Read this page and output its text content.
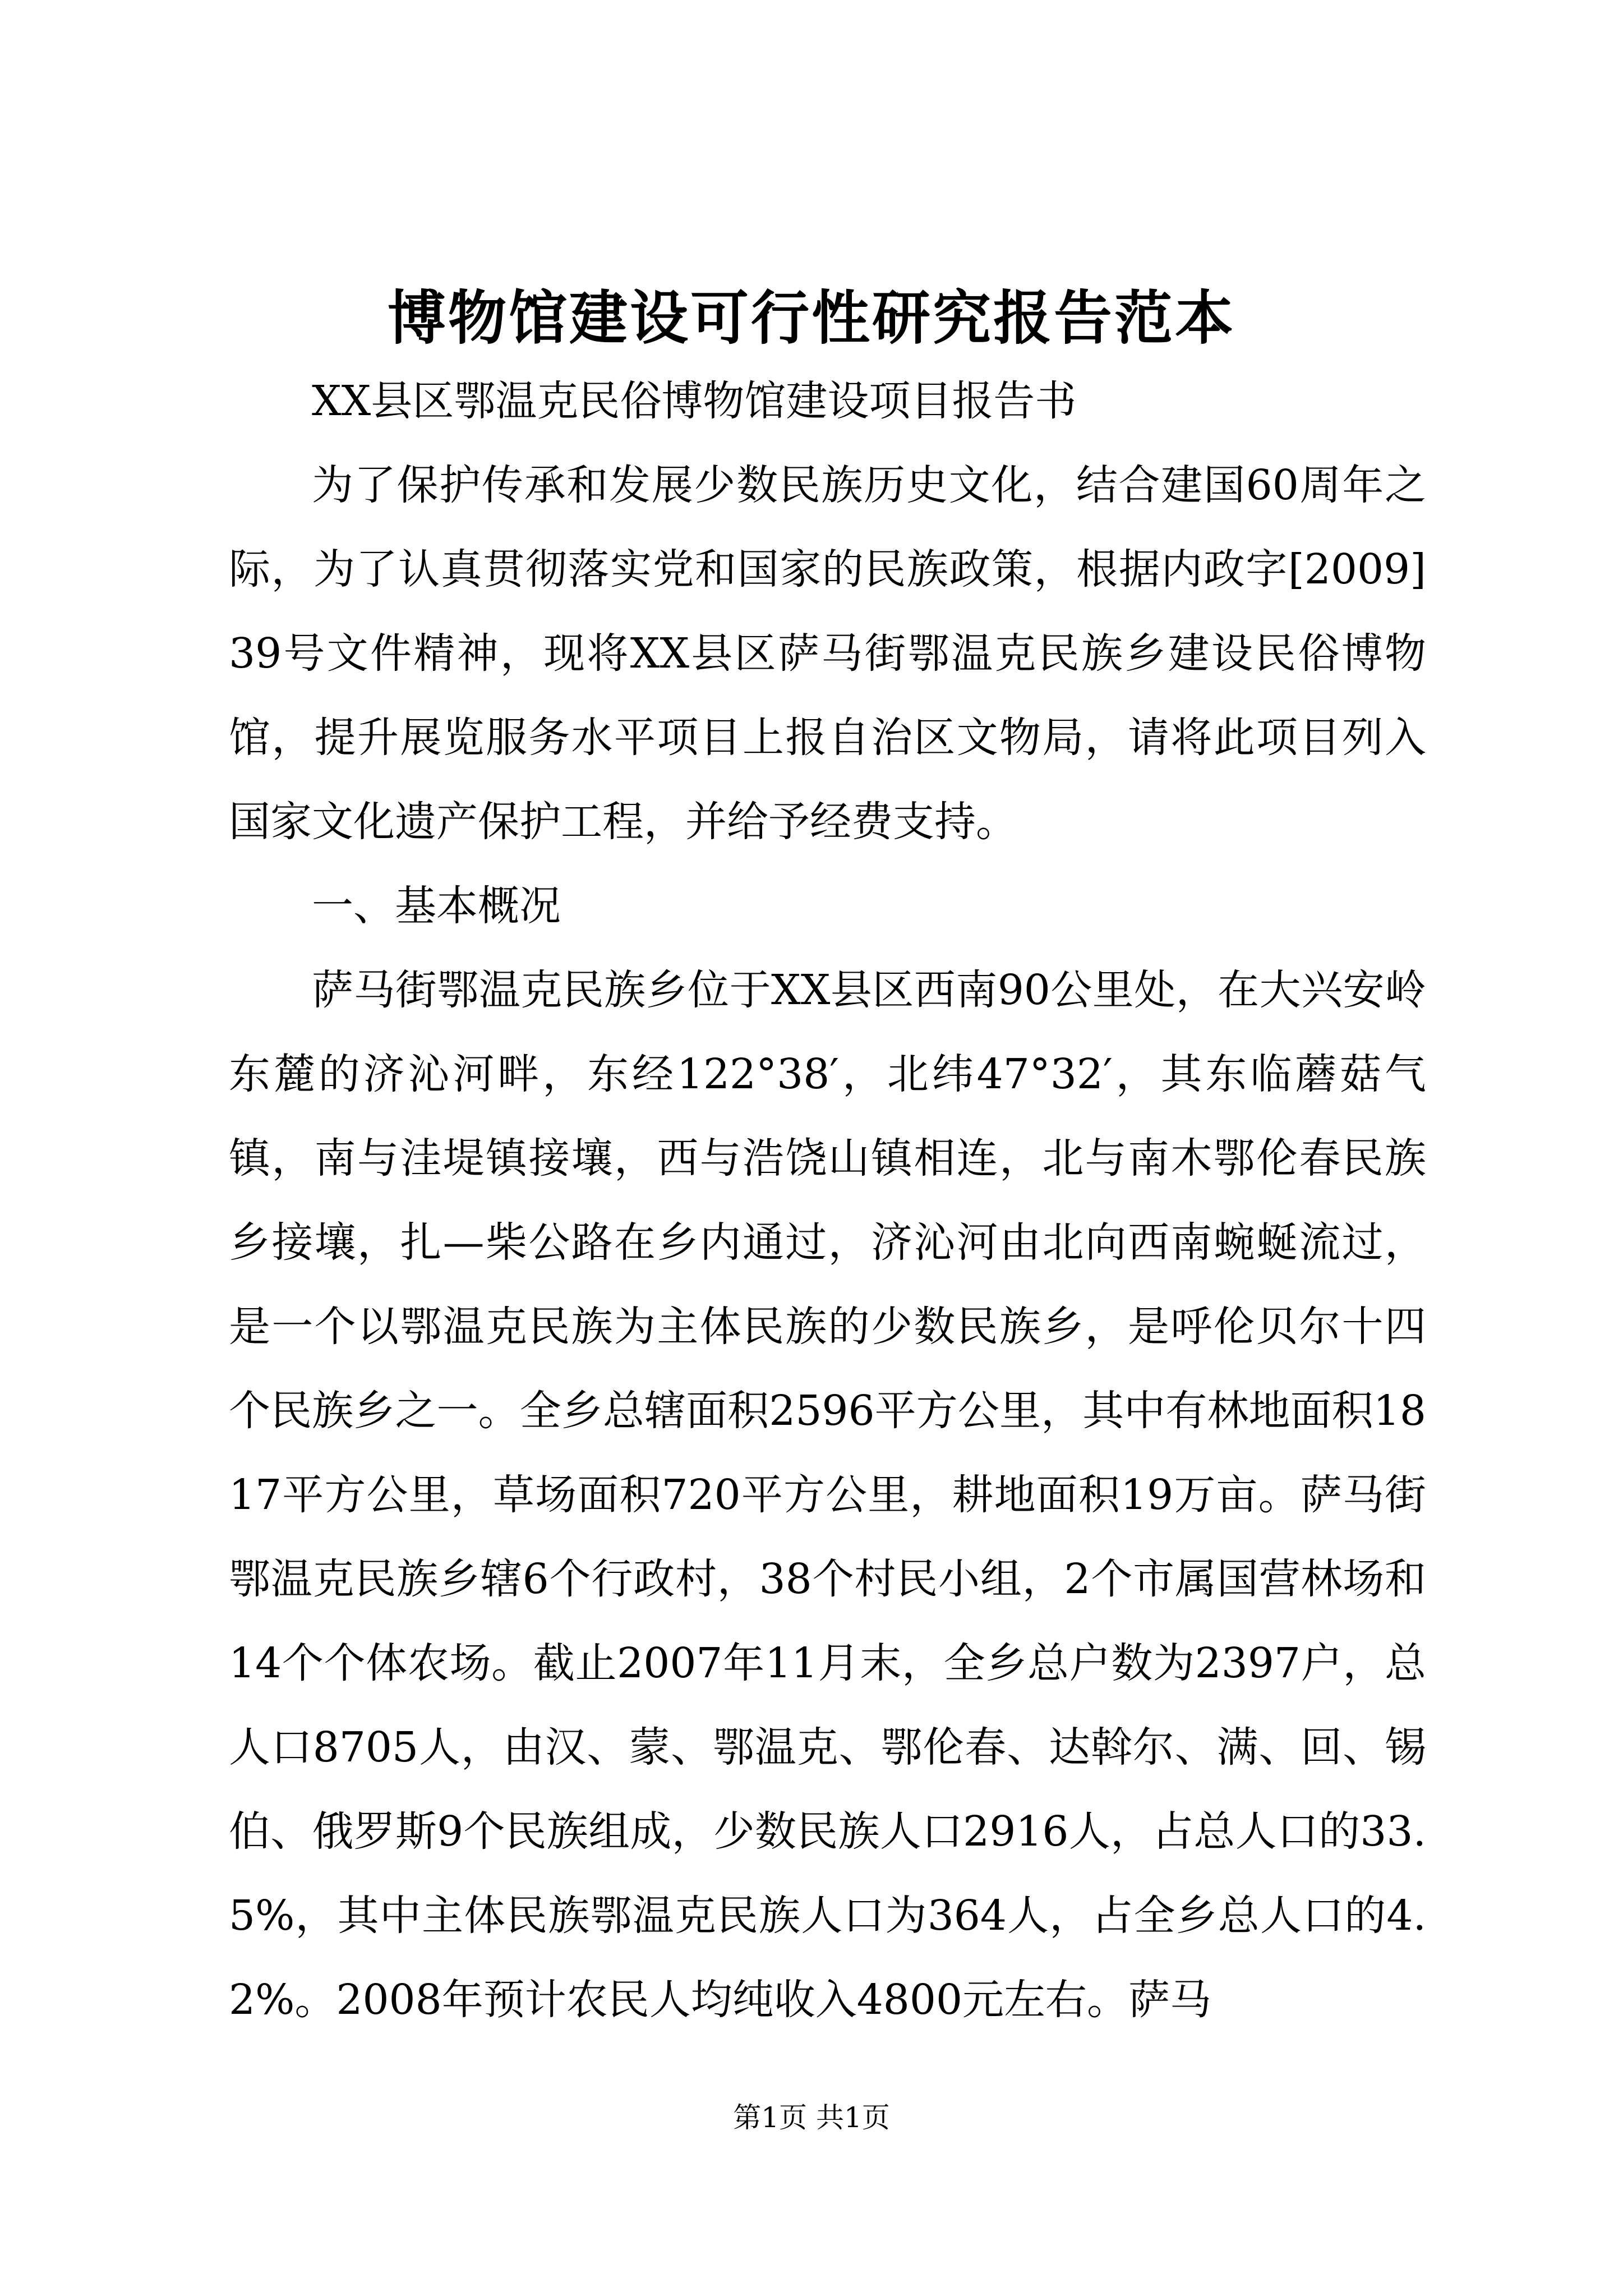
博物馆建设可行性研究报告范本

XX县区鄂温克民俗博物馆建设项目报告书

为了保护传承和发展少数民族历史文化，结合建国60周年之际，为了认真贯彻落实党和国家的民族政策，根据内政字[2009]39号文件精神，现将XX县区萨马街鄂温克民族乡建设民俗博物馆，提升展览服务水平项目上报自治区文物局，请将此项目列入国家文化遗产保护工程，并给予经费支持。

一、基本概况

萨马街鄂温克民族乡位于XX县区西南90公里处，在大兴安岭东麓的济沁河畔，东经122°38′，北纬47°32′，其东临蘑菇气镇，南与洼堤镇接壤，西与浩饶山镇相连，北与南木鄂伦春民族乡接壤，扎—柴公路在乡内通过，济沁河由北向西南蜿蜒流过，是一个以鄂温克民族为主体民族的少数民族乡，是呼伦贝尔十四个民族乡之一。全乡总辖面积2596平方公里，其中有林地面积1817平方公里，草场面积720平方公里，耕地面积19万亩。萨马街鄂温克民族乡辖6个行政村，38个村民小组，2个市属国营林场和14个个体农场。截止2007年11月末，全乡总户数为2397户，总人口8705人，由汉、蒙、鄂温克、鄂伦春、达斡尔、满、回、锡伯、俄罗斯9个民族组成，少数民族人口2916人，占总人口的33.5%，其中主体民族鄂温克民族人口为364人，占全乡总人口的4.2%。2008年预计农民人均纯收入4800元左右。萨马

第1页 共1页
